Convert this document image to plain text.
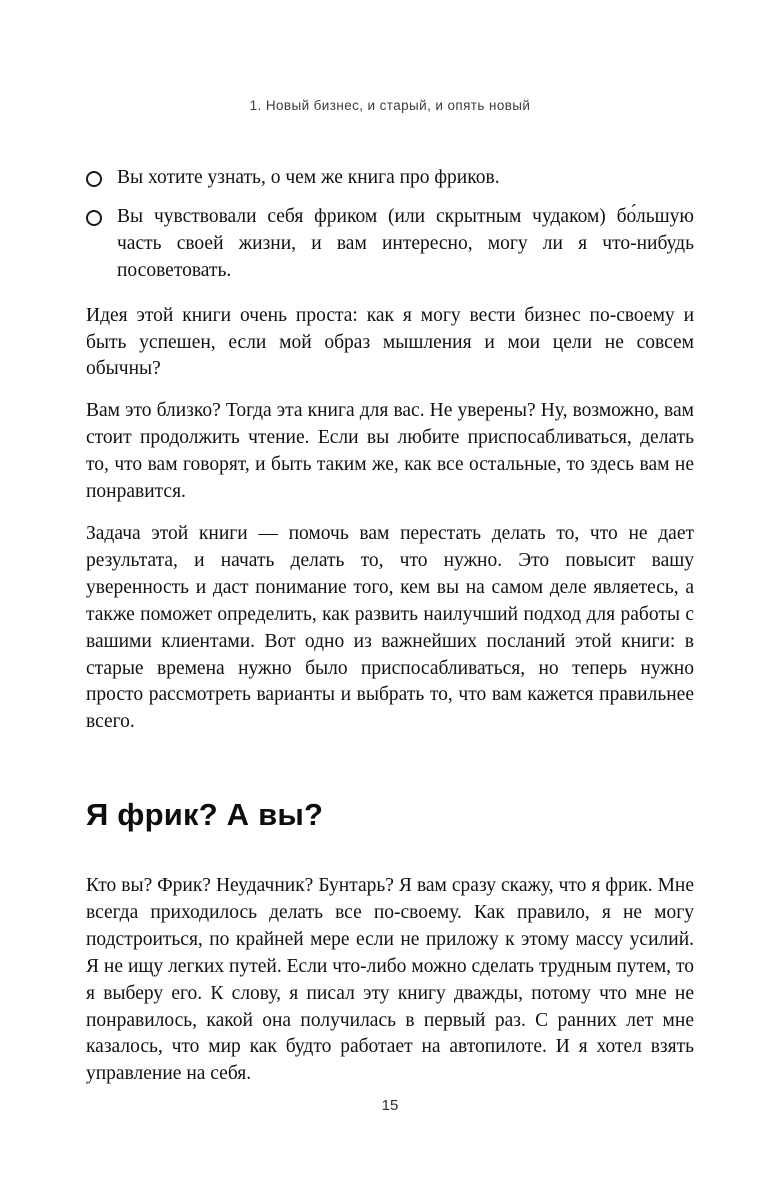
1. Новый бизнес, и старый, и опять новый
Вы хотите узнать, о чем же книга про фриков.
Вы чувствовали себя фриком (или скрытным чудаком) бо́льшую часть своей жизни, и вам интересно, могу ли я что-нибудь посоветовать.

Идея этой книги очень проста: как я могу вести бизнес по-своему и быть успешен, если мой образ мышления и мои цели не совсем обычны?

Вам это близко? Тогда эта книга для вас. Не уверены? Ну, возможно, вам стоит продолжить чтение. Если вы любите приспосабливаться, делать то, что вам говорят, и быть таким же, как все остальные, то здесь вам не понравится.

Задача этой книги — помочь вам перестать делать то, что не дает результата, и начать делать то, что нужно. Это повысит вашу уверенность и даст понимание того, кем вы на самом деле являетесь, а также поможет определить, как развить наилучший подход для работы с вашими клиентами. Вот одно из важнейших посланий этой книги: в старые времена нужно было приспосабливаться, но теперь нужно просто рассмотреть варианты и выбрать то, что вам кажется правильнее всего.

Я фрик? А вы?

Кто вы? Фрик? Неудачник? Бунтарь? Я вам сразу скажу, что я фрик. Мне всегда приходилось делать все по-своему. Как правило, я не могу подстроиться, по крайней мере если не приложу к этому массу усилий. Я не ищу легких путей. Если что-либо можно сделать трудным путем, то я выберу его. К слову, я писал эту книгу дважды, потому что мне не понравилось, какой она получилась в первый раз. С ранних лет мне казалось, что мир как будто работает на автопилоте. И я хотел взять управление на себя.

15
